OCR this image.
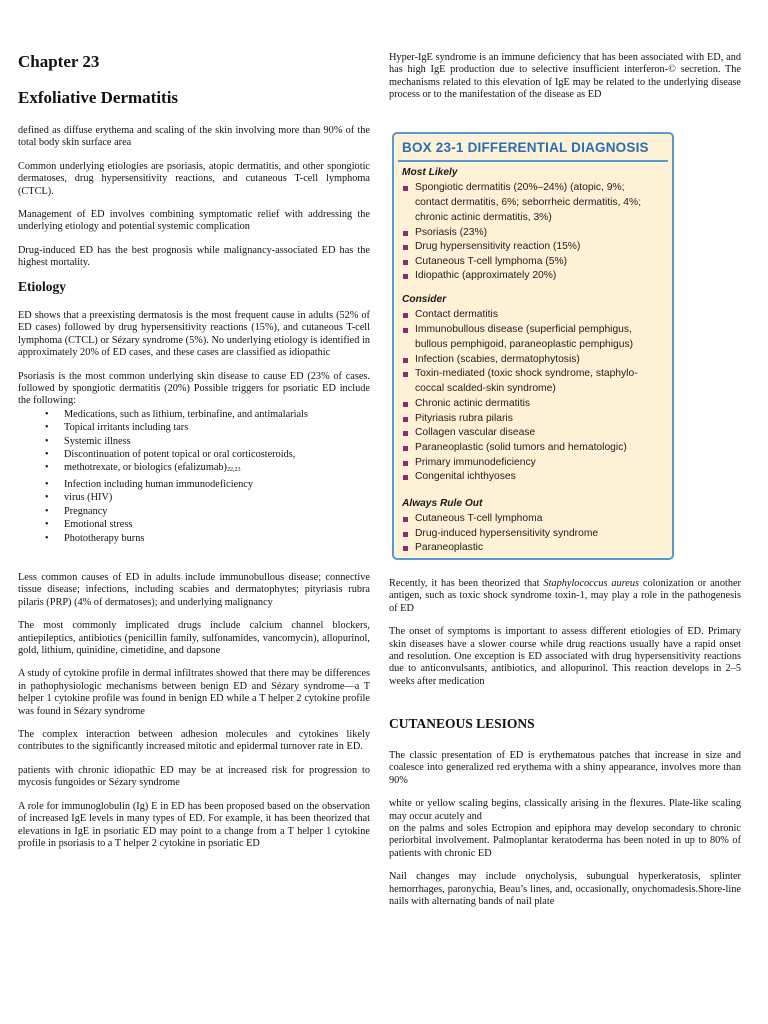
Chapter 23
Exfoliative Dermatitis

defined as diffuse erythema and scaling of the skin involving more than 90% of the total body skin surface area

Common underlying etiologies are psoriasis, atopic dermatitis, and other spongiotic dermatoses, drug hypersensitivity reactions, and cutaneous T-cell lymphoma (CTCL).

Management of ED involves combining symptomatic relief with addressing the underlying etiology and potential systemic complication

Drug-induced ED has the best prognosis while malignancy-associated ED has the highest mortality.

Etiology

ED shows that a preexisting dermatosis is the most frequent cause in adults (52% of ED cases) followed by drug hypersensitivity reactions (15%), and cutaneous T-cell lymphoma (CTCL) or Sézary syndrome (5%). No underlying etiology is identified in approximately 20% of ED cases, and these cases are classified as idiopathic

Psoriasis is the most common underlying skin disease to cause ED (23% of cases. followed by spongiotic dermatitis (20%) Possible triggers for psoriatic ED include the following:

• Medications, such as lithium, terbinafine, and antimalarials
• Topical irritants including tars
• Systemic illness
• Discontinuation of potent topical or oral corticosteroids,
• methotrexate, or biologics $(efalizumab)_{22,23}$
• Infection including human immunodeficiency
• virus (HIV)
• Pregnancy
• Emotional stress
• Phototherapy burns

Less common causes of ED in adults include immunobullous disease; connective tissue disease; infections, including scabies and dermatophytes; pityriasis rubra pilaris (PRP) (4% of dermatoses); and underlying malignancy

The most commonly implicated drugs include calcium channel blockers, antiepileptics, antibiotics (penicillin family, sulfonamides, vancomycin), allopurinol, gold, lithium, quinidine, cimetidine, and dapsone

A study of cytokine profile in dermal infiltrates showed that there may be differences in pathophysiologic mechanisms between benign ED and Sézary syndrome—a T helper 1 cytokine profile was found in benign ED while a T helper 2 cytokine profile was found in Sézary syndrome

The complex interaction between adhesion molecules and cytokines likely contributes to the significantly increased mitotic and epidermal turnover rate in ED.

patients with chronic idiopathic ED may be at increased risk for progression to mycosis fungoides or Sézary syndrome

A role for immunoglobulin (Ig) E in ED has been proposed based on the observation of increased IgE levels in many types of ED. For example, it has been theorized that elevations in IgE in psoriatic ED may point to a change from a T helper 1 cytokine profile in psoriasis to a T helper 2 cytokine in psoriatic ED

Hyper-IgE syndrome is an immune deficiency that has been associated with ED, and has high IgE production due to selective insufficient interferon-© secretion. The mechanisms related to this elevation of IgE may be related to the underlying disease process or to the manifestation of the disease as ED

BOX 23-1 DIFFERENTIAL DIAGNOSIS
Most Likely
Spongiotic dermatitis (20%–24%) (atopic, 9%;
contact dermatitis, 6%; seborrheic dermatitis, 4%;
chronic actinic dermatitis, 3%)
Psoriasis (23%)
Drug hypersensitivity reaction (15%)
Cutaneous T-cell lymphoma (5%)
Idiopathic (approximately 20%)
Consider
Contact dermatitis
Immunobullous disease (superficial pemphigus,
bullous pemphigoid, paraneoplastic pemphigus)
Infection (scabies, dermatophytosis)
Toxin-mediated (toxic shock syndrome, staphylo-
coccal scalded-skin syndrome)
Chronic actinic dermatitis
Pityriasis rubra pilaris
Collagen vascular disease
Paraneoplastic (solid tumors and hematologic)
Primary immunodeficiency
Congenital ichthyoses
Always Rule Out
Cutaneous T-cell lymphoma
Drug-induced hypersensitivity syndrome
Paraneoplastic

Recently, it has been theorized that Staphylococcus aureus colonization or another antigen, such as toxic shock syndrome toxin-1, may play a role in the pathogenesis of ED

The onset of symptoms is important to assess different etiologies of ED. Primary skin diseases have a slower course while drug reactions usually have a rapid onset and resolution. One exception is ED associated with drug hypersensitivity reactions due to anticonvulsants, antibiotics, and allopurinol. This reaction develops in 2–5 weeks after medication

CUTANEOUS LESIONS

The classic presentation of ED is erythematous patches that increase in size and coalesce into generalized red erythema with a shiny appearance, involves more than 90%

white or yellow scaling begins, classically arising in the flexures. Plate-like scaling may occur acutely and

on the palms and soles Ectropion and epiphora may develop secondary to chronic periorbital involvement. Palmoplantar keratoderma has been noted in up to 80% of patients with chronic ED

Nail changes may include onycholysis, subungual hyperkeratosis, splinter hemorrhages, paronychia, Beau’s lines, and, occasionally, onychomadesis.Shore-line nails with alternating bands of nail plate
